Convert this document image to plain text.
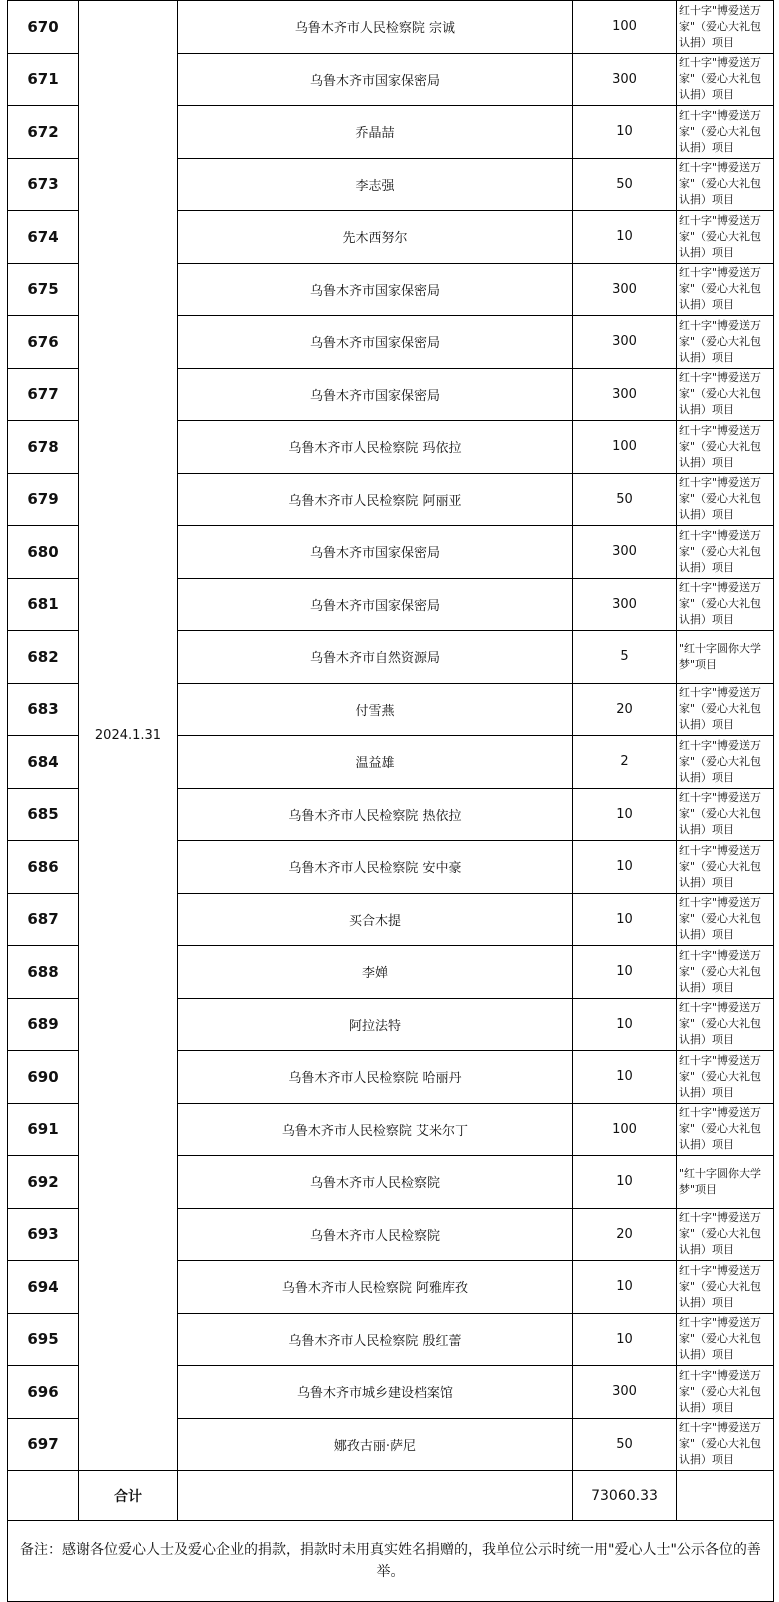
670	2024.1.31	乌鲁木齐市人民检察院 宗诚	100	红十字"博爱送万家"（爱心大礼包认捐）项目

671		乌鲁木齐市国家保密局	300	红十字"博爱送万家"（爱心大礼包认捐）项目

672		乔晶喆	10	红十字"博爱送万家"（爱心大礼包认捐）项目

673		李志强	50	红十字"博爱送万家"（爱心大礼包认捐）项目

674		先木西努尔	10	红十字"博爱送万家"（爱心大礼包认捐）项目

675		乌鲁木齐市国家保密局	300	红十字"博爱送万家"（爱心大礼包认捐）项目

676		乌鲁木齐市国家保密局	300	红十字"博爱送万家"（爱心大礼包认捐）项目

677		乌鲁木齐市国家保密局	300	红十字"博爱送万家"（爱心大礼包认捐）项目

678		乌鲁木齐市人民检察院 玛依拉	100	红十字"博爱送万家"（爱心大礼包认捐）项目

679		乌鲁木齐市人民检察院 阿丽亚	50	红十字"博爱送万家"（爱心大礼包认捐）项目

680		乌鲁木齐市国家保密局	300	红十字"博爱送万家"（爱心大礼包认捐）项目

681		乌鲁木齐市国家保密局	300	红十字"博爱送万家"（爱心大礼包认捐）项目

682		乌鲁木齐市自然资源局	5	"红十字圆你大学梦"项目

683		付雪燕	20	红十字"博爱送万家"（爱心大礼包认捐）项目

684		温益雄	2	红十字"博爱送万家"（爱心大礼包认捐）项目

685		乌鲁木齐市人民检察院 热依拉	10	红十字"博爱送万家"（爱心大礼包认捐）项目

686		乌鲁木齐市人民检察院 安中豪	10	红十字"博爱送万家"（爱心大礼包认捐）项目

687		买合木提	10	红十字"博爱送万家"（爱心大礼包认捐）项目

688		李婵	10	红十字"博爱送万家"（爱心大礼包认捐）项目

689		阿拉法特	10	红十字"博爱送万家"（爱心大礼包认捐）项目

690		乌鲁木齐市人民检察院 哈丽丹	10	红十字"博爱送万家"（爱心大礼包认捐）项目

691		乌鲁木齐市人民检察院 艾米尔丁	100	红十字"博爱送万家"（爱心大礼包认捐）项目

692		乌鲁木齐市人民检察院	10	"红十字圆你大学梦"项目

693		乌鲁木齐市人民检察院	20	红十字"博爱送万家"（爱心大礼包认捐）项目

694		乌鲁木齐市人民检察院 阿雅库孜	10	红十字"博爱送万家"（爱心大礼包认捐）项目

695		乌鲁木齐市人民检察院 殷红蕾	10	红十字"博爱送万家"（爱心大礼包认捐）项目

696		乌鲁木齐市城乡建设档案馆	300	红十字"博爱送万家"（爱心大礼包认捐）项目

697		娜孜古丽·萨尼	50	红十字"博爱送万家"（爱心大礼包认捐）项目

	合计		73060.33	
备注：感谢各位爱心人士及爱心企业的捐款，捐款时未用真实姓名捐赠的，我单位公示时统一用"爱心人士"公示各位的善举。				
